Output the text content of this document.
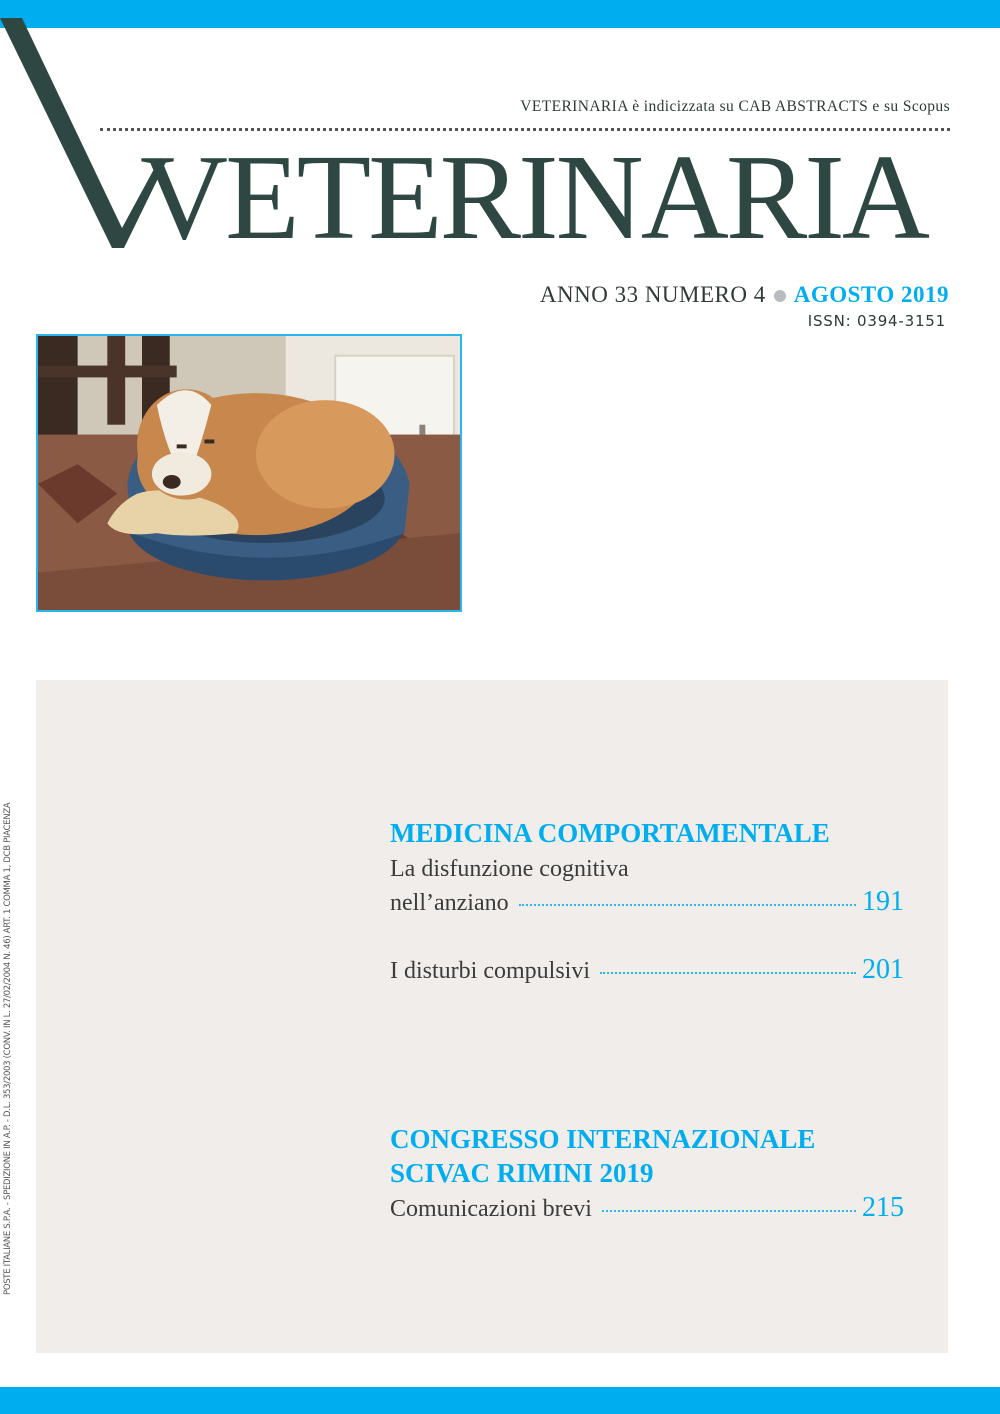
VETERINARIA è indicizzata su CAB ABSTRACTS e su Scopus
VETERINARIA
ANNO 33 NUMERO 4 AGOSTO 2019
ISSN: 0394-3151
POSTE ITALIANE S.P.A. - SPEDIZIONE IN A.P. - D.L. 353/2003 (CONV. IN L. 27/02/2004 N. 46) ART. 1 COMMA 1, DCB PIACENZA	MEDICINA COMPORTAMENTALE
La disfunzione cognitiva
nell’anziano	191
I disturbi compulsivi	201
CONGRESSO INTERNAZIONALE
SCIVAC RIMINI 2019
Comunicazioni brevi	215
